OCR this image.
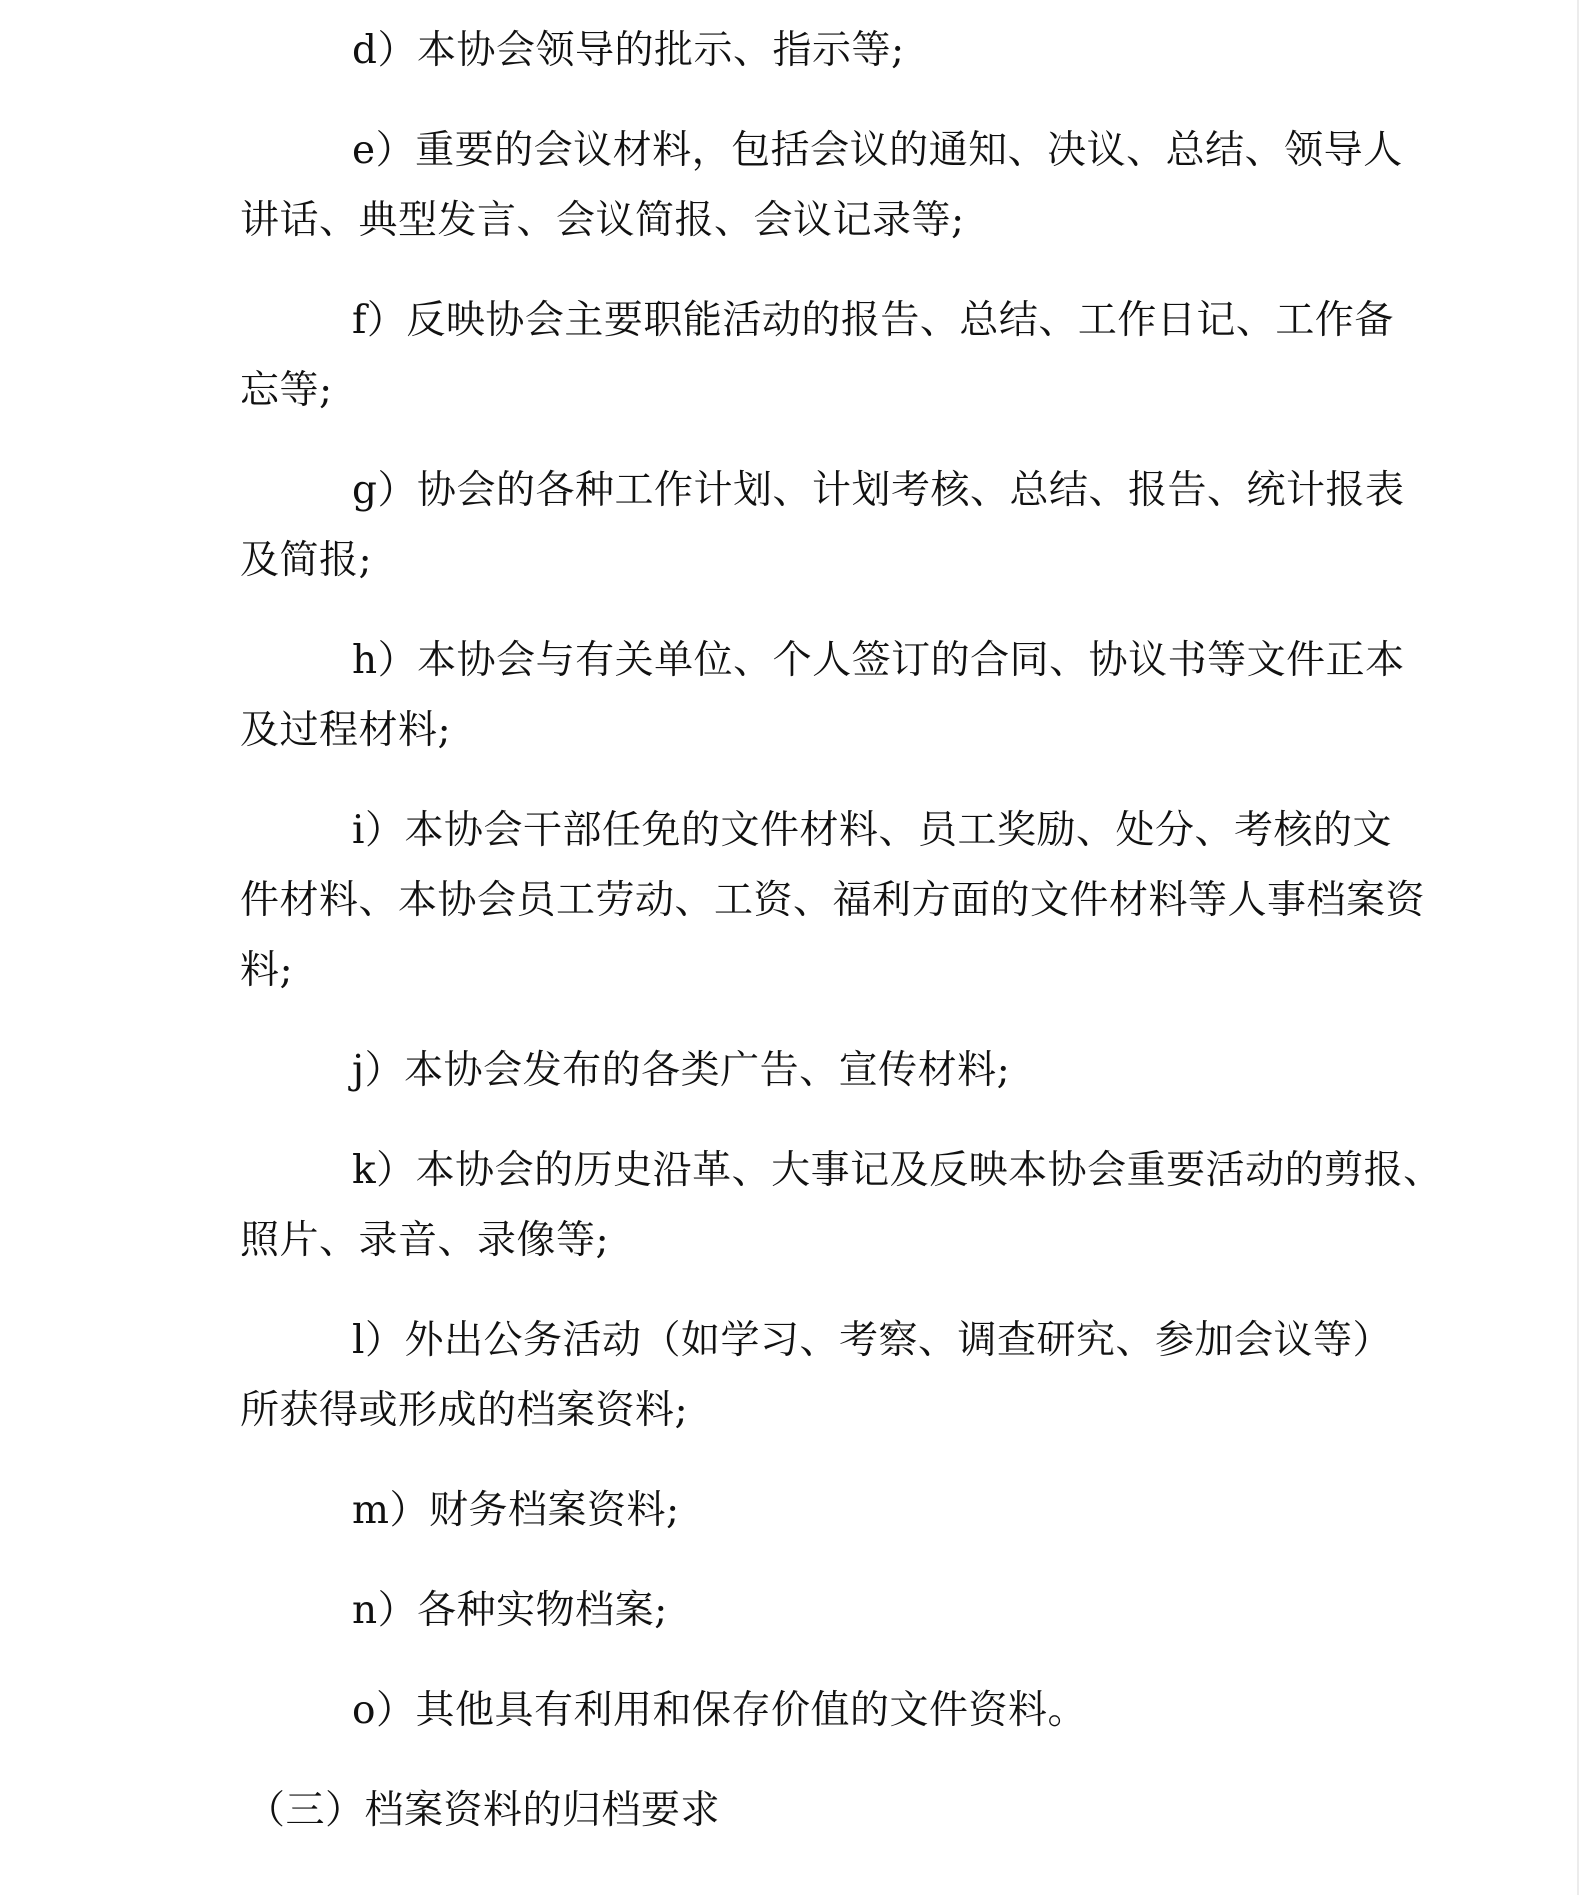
d）本协会领导的批示、指示等;
e）重要的会议材料，包括会议的通知、决议、总结、领导人
讲话、典型发言、会议简报、会议记录等;
f）反映协会主要职能活动的报告、总结、工作日记、工作备
忘等;
g）协会的各种工作计划、计划考核、总结、报告、统计报表
及简报;
h）本协会与有关单位、个人签订的合同、协议书等文件正本
及过程材料;
i）本协会干部任免的文件材料、员工奖励、处分、考核的文
件材料、本协会员工劳动、工资、福利方面的文件材料等人事档案资
料;
j）本协会发布的各类广告、宣传材料;
k）本协会的历史沿革、大事记及反映本协会重要活动的剪报、
照片、录音、录像等;
l）外出公务活动（如学习、考察、调查研究、参加会议等）
所获得或形成的档案资料;
m）财务档案资料;
n）各种实物档案;
o）其他具有利用和保存价值的文件资料。
（三）档案资料的归档要求
